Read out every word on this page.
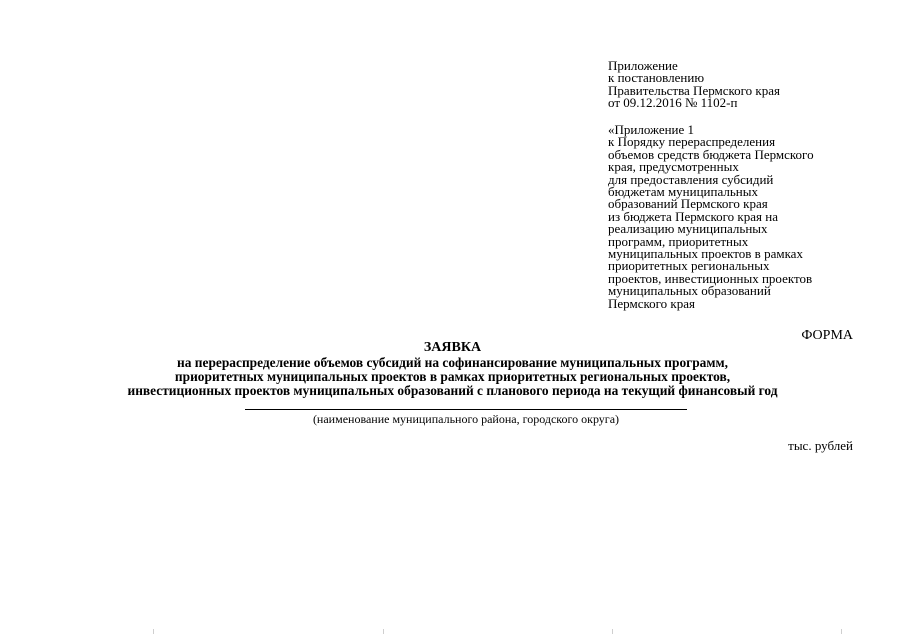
Приложение
к постановлению
Правительства Пермского края
от 09.12.2016 № 1102-п
«Приложение 1
к Порядку перераспределения
объемов средств бюджета Пермского
края, предусмотренных
для предоставления субсидий
бюджетам муниципальных
образований Пермского края
из бюджета Пермского края на
реализацию муниципальных
программ, приоритетных
муниципальных проектов в рамках
приоритетных региональных
проектов, инвестиционных проектов
муниципальных образований
Пермского края
ФОРМА
ЗАЯВКА
на перераспределение объемов субсидий на софинансирование муниципальных программ,
приоритетных муниципальных проектов в рамках приоритетных региональных проектов,
инвестиционных проектов муниципальных образований с планового периода на текущий финансовый год
(наименование муниципального района, городского округа)
тыс. рублей
